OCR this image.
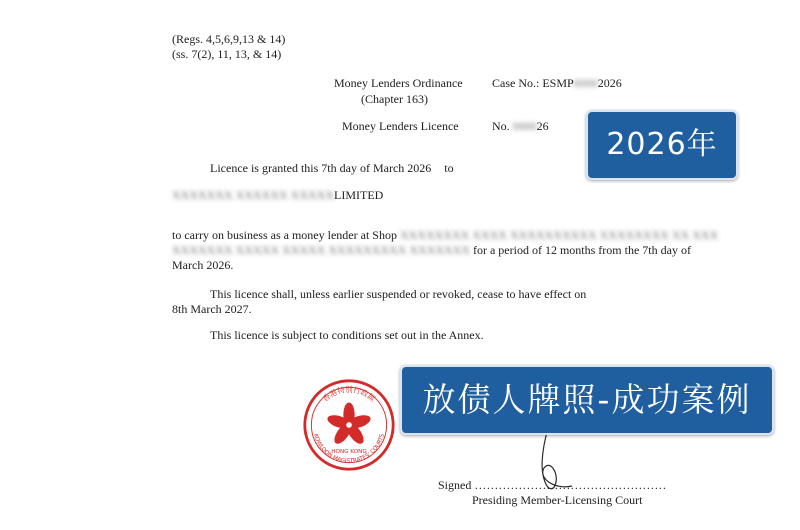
(Regs. 4,5,6,9,13 & 14)
(ss. 7(2), 11, 13, & 14)
Money Lenders Ordinance
(Chapter 163)
Case No.: ESMP00002026
Money Lenders Licence	No. 000026
Licence is granted this 7th day of March 2026 to
XXXXXXX XXXXXX XXXXXLIMITED
to carry on business as a money lender at Shop XXXXXXXX XXXX XXXXXXXXXX XXXXXXXX XX XXX
XXXXXXX XXXXX XXXXX XXXXXXXXX XXXXXXX for a period of 12 months from the 7th day of
March 2026.
This licence shall, unless earlier suspended or revoked, cease to have effect on
8th March 2027.
This licence is subject to conditions set out in the Annex.
香港特別行政區
KOWLOON MAGISTRATES' COURTS
HONG KONG
Signed …………………………………………
Presiding Member-Licensing Court
2026年
放债人牌照-成功案例
